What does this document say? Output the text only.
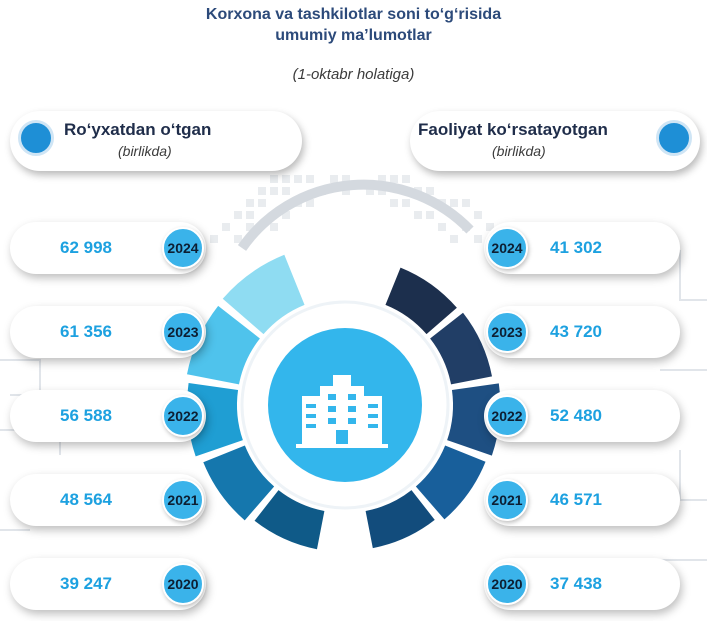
Korxona va tashkilotlar soni to‘g‘risida
umumiy ma’lumotlar
(1-oktabr holatiga)
Ro‘yxatdan o‘tgan
(birlikda)
Faoliyat ko‘rsatayotgan
(birlikda)
62 998	2024
61 356	2023
56 588	2022
48 564	2021
39 247	2020
2024	41 302
2023	43 720
2022	52 480
2021	46 571
2020	37 438
